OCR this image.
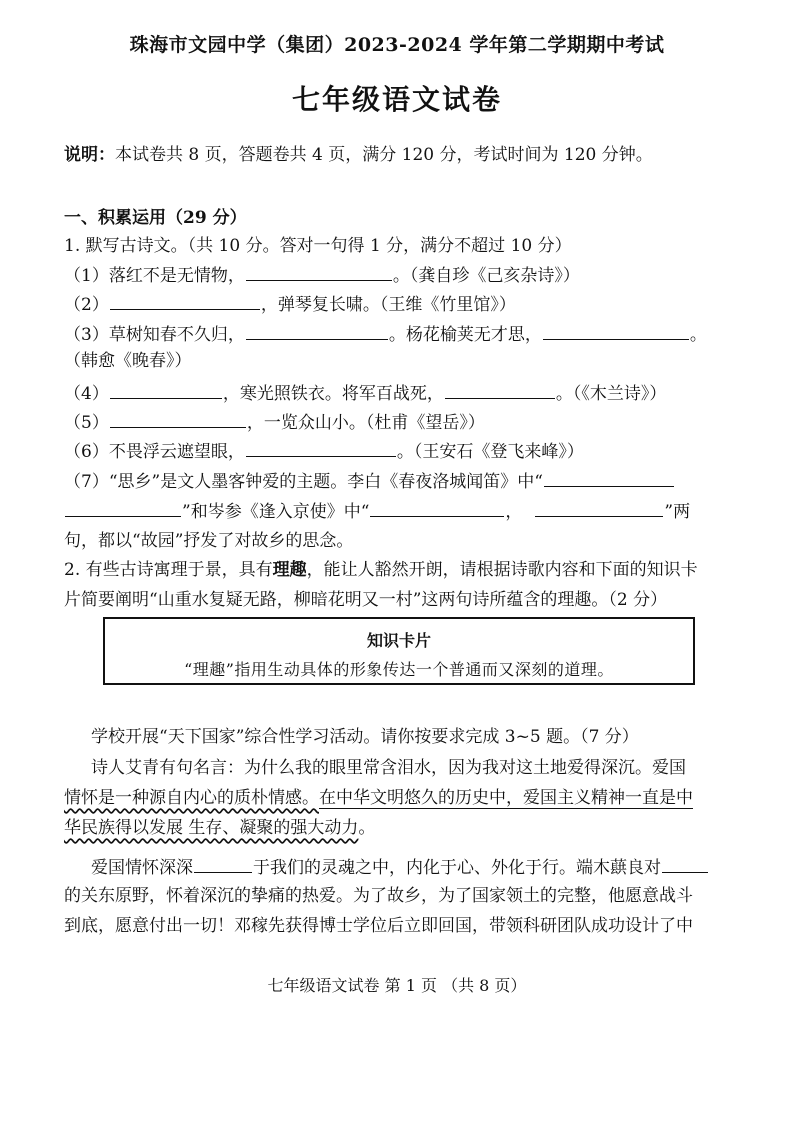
珠海市文园中学（集团）2023-2024 学年第二学期期中考试
七年级语文试卷
说明：本试卷共 8 页，答题卷共 4 页，满分 120 分，考试时间为 120 分钟。
一、积累运用（29 分）
1. 默写古诗文。（共 10 分。答对一句得 1 分，满分不超过 10 分）
（1）落红不是无情物，	。（龚自珍《己亥杂诗》）
（2）	，弹琴复长啸。（王维《竹里馆》）
（3）草树知春不久归，	。杨花榆荚无才思，	。
（韩愈《晚春》）
（4）	，寒光照铁衣。将军百战死，	。（《木兰诗》）
（5）	，一览众山小。（杜甫《望岳》）
（6）不畏浮云遮望眼，	。（王安石《登飞来峰》）
（7）“思乡”是文人墨客钟爱的主题。李白《春夜洛城闻笛》中“
”和岑参《逢入京使》中“	，	”两
句，都以“故园”抒发了对故乡的思念。
2. 有些古诗寓理于景，具有理趣，能让人豁然开朗，请根据诗歌内容和下面的知识卡
片简要阐明“山重水复疑无路，柳暗花明又一村”这两句诗所蕴含的理趣。（2 分）
知识卡片
“理趣”指用生动具体的形象传达一个普通而又深刻的道理。
学校开展“天下国家”综合性学习活动。请你按要求完成 3~5 题。（7 分）
诗人艾青有句名言：为什么我的眼里常含泪水，因为我对这土地爱得深沉。爱国
情怀是一种源自内心的质朴情感。在中华文明悠久的历史中，爱国主义精神一直是中
华民族得以发展 生存、凝聚的强大动力。
爱国情怀深深	于我们的灵魂之中，内化于心、外化于行。端木蕻良对
的关东原野，怀着深沉的挚痛的热爱。为了故乡，为了国家领土的完整，他愿意战斗
到底，愿意付出一切！邓稼先获得博士学位后立即回国，带领科研团队成功设计了中
七年级语文试卷 第 1 页 （共 8 页）
